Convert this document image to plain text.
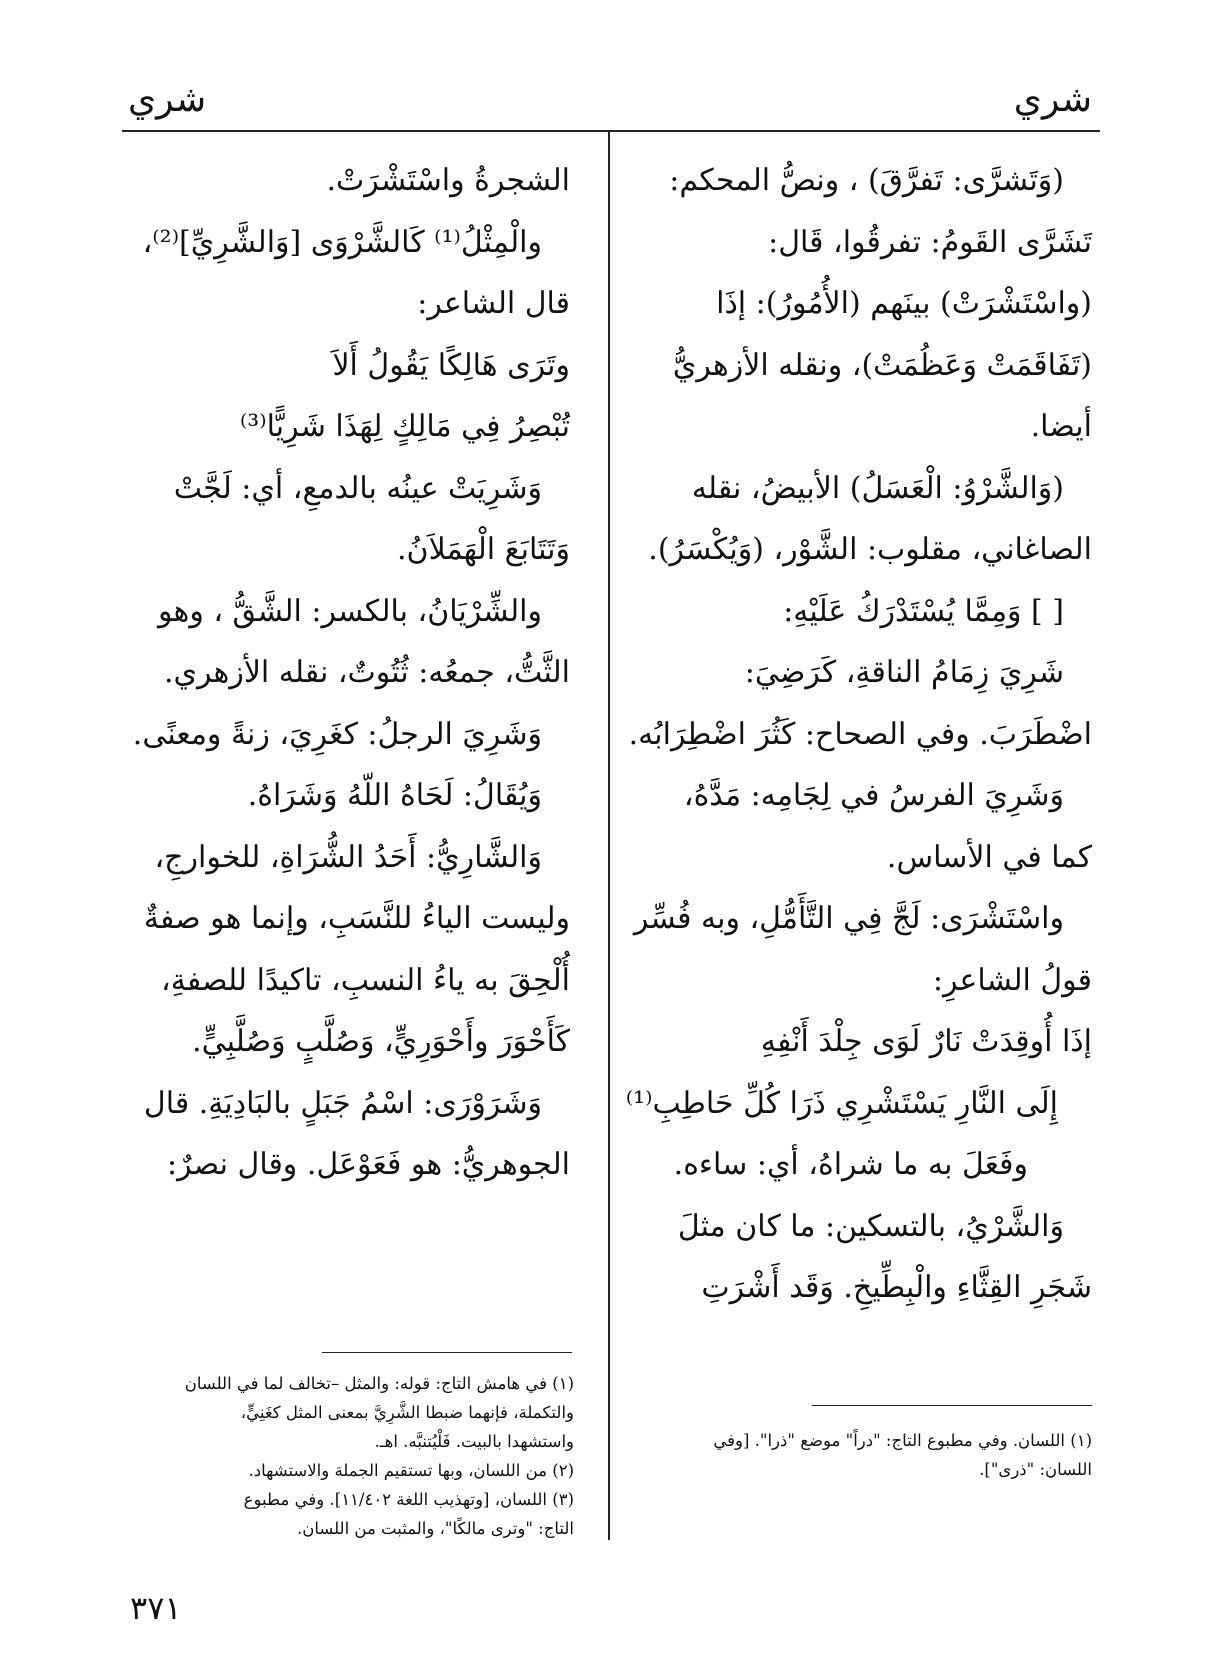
شري
شري
(وَتَشرَّى: تَفرَّقَ) ، ونصُّ المحكم:
تَشَرَّى القَومُ: تفرقُوا، قَال:
(واسْتَشْرَتْ) بينَهم (الأُمُورُ): إذَا
(تَفَاقَمَتْ وَعَظُمَتْ)، ونقله الأزهريُّ
أيضا.
(وَالشَّرْوُ: الْعَسَلُ) الأبيضُ، نقله
الصاغاني، مقلوب: الشَّوْر، (وَيُكْسَرُ).
[ ] وَمِمَّا يُسْتَدْرَكُ عَلَيْهِ:
شَرِيَ زِمَامُ الناقةِ، كَرَضِيَ:
اضْطَرَبَ. وفي الصحاح: كَثُرَ اضْطِرَابُه.
وَشَرِيَ الفرسُ في لِجَامِه: مَدَّهُ،
كما في الأساس.
واسْتَشْرَى: لَجَّ فِي التَّأَمُّلِ، وبه فُسِّر
قولُ الشاعرِ:
إذَا أُوقِدَتْ نَارٌ لَوَى جِلْدَ أَنْفِهِ
إِلَى النَّارِ يَسْتَشْرِي ذَرَا كُلِّ حَاطِبِ⁽¹⁾
وفَعَلَ به ما شراهُ، أي: ساءه.
وَالشَّرْيُ، بالتسكين: ما كان مثلَ
شَجَرِ القِثَّاءِ والْبِطِّيخِ. وَقَد أَشْرَتِ
الشجرةُ واسْتَشْرَتْ.
والْمِثْلُ⁽¹⁾ كَالشَّرْوَى [وَالشَّرِيِّ]⁽²⁾،
قال الشاعر:
وتَرَى هَالِكًا يَقُولُ أَلاَ
تُبْصِرُ فِي مَالِكٍ لِهَذَا شَرِيًّا⁽³⁾
وَشَرِيَتْ عينُه بالدمعِ، أي: لَجَّتْ
وَتَتَابَعَ الْهَمَلاَنُ.
والشِّرْيَانُ، بالكسر: الشَّقُّ ، وهو
الثَّتُّ، جمعُه: ثُتُوتٌ، نقله الأزهري.
وَشَرِيَ الرجلُ: كغَرِيَ، زنةً ومعنًى.
وَيُقَالُ: لَحَاهُ اللّهُ وَشَرَاهُ.
وَالشَّارِيُّ: أَحَدُ الشُّرَاةِ، للخوارجِ،
وليست الياءُ للنَّسَبِ، وإنما هو صفةٌ
أُلْحِقَ به ياءُ النسبِ، تاكيدًا للصفةِ،
كَأَحْوَرَ وأَحْوَرِيٍّ، وَصُلَّبٍ وَصُلَّبِيٍّ.
وَشَرَوْرَى: اسْمُ جَبَلٍ بالبَادِيَةِ. قال
الجوهريُّ: هو فَعَوْعَل. وقال نصرٌ:
(١) اللسان. وفي مطبوع التاج: "دراً" موضع "ذرا". [وفي
اللسان: "ذرى"].
(١) في هامش التاج: قوله: والمثل –تخالف لما في اللسان
والتكملة، فإنهما ضبطا الشَّرِيَّ بمعنى المثل كغَنِيٍّ،
واستشهدا بالبيت. فَلْيُتنبَّه. اهـ.
(٢) من اللسان، وبها تستقيم الجملة والاستشهاد.
(٣) اللسان، [وتهذيب اللغة ١١/٤٠٢]. وفي مطبوع
التاج: "وترى مالكًا"، والمثبت من اللسان.
٣٧١
